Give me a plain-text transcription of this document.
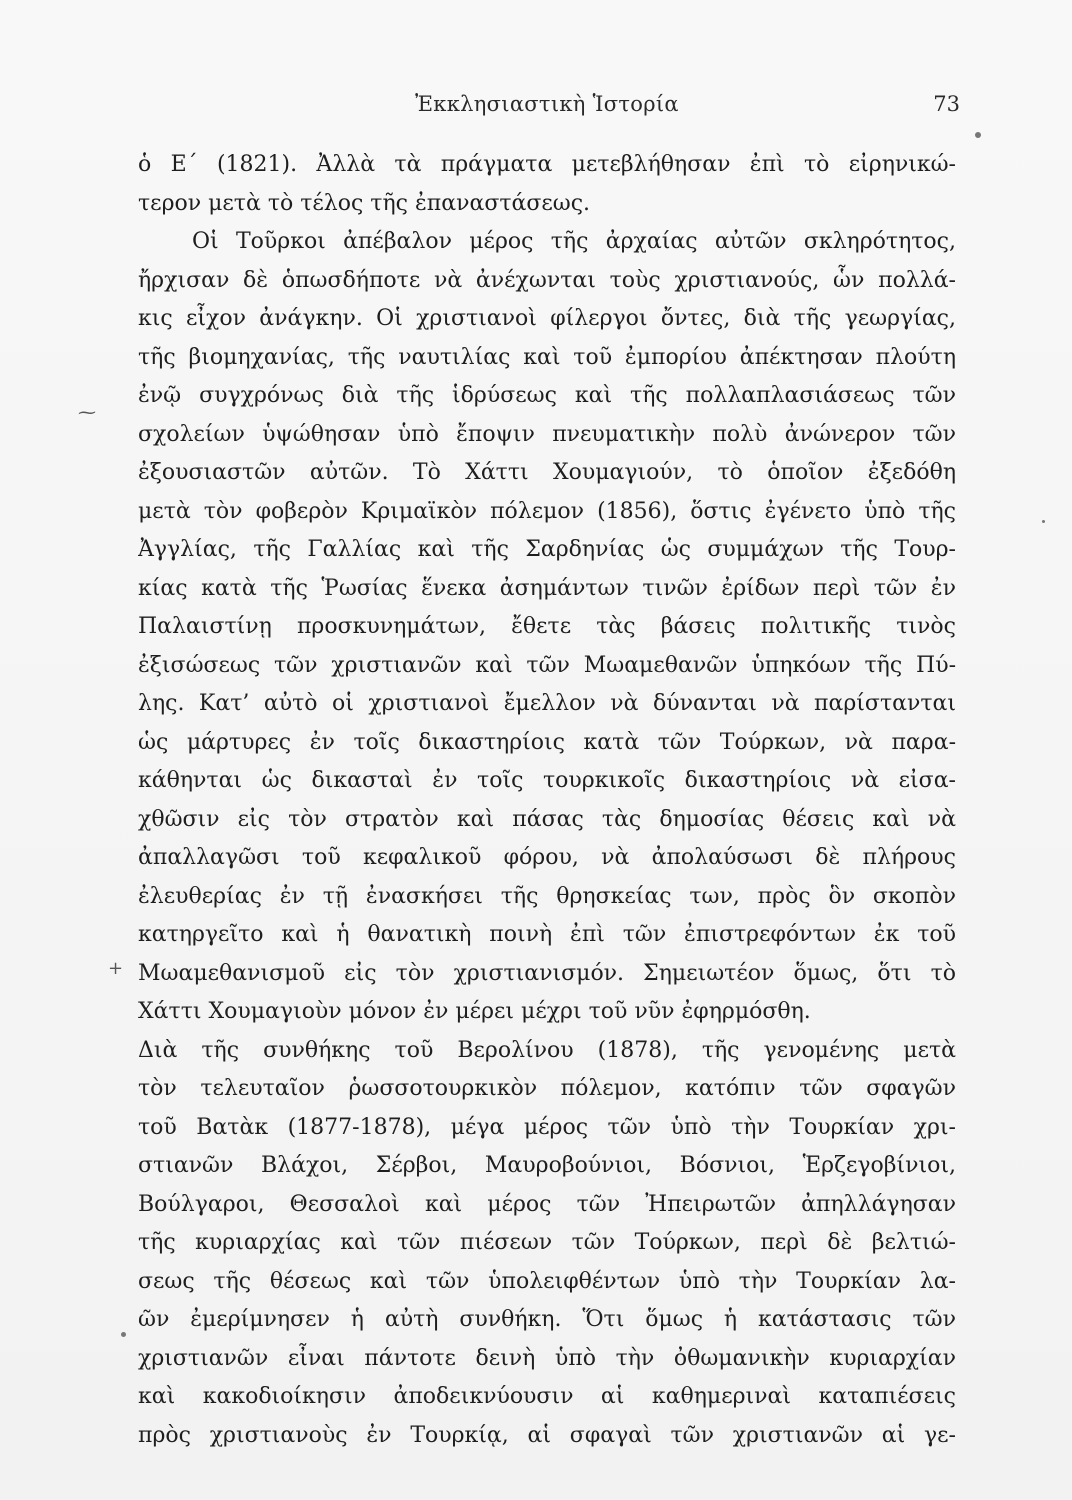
⁓
+
Ἐκκλησιαστικὴ Ἱστορία	73
ὁ Ε΄ (1821). Ἀλλὰ τὰ πράγματα μετεβλήθησαν ἐπὶ τὸ εἰρηνικώ-
τερον μετὰ τὸ τέλος τῆς ἐπαναστάσεως.
Οἱ Τοῦρκοι ἀπέβαλον μέρος τῆς ἀρχαίας αὐτῶν σκληρότητος,
ἤρχισαν δὲ ὁπωσδήποτε νὰ ἀνέχωνται τοὺς χριστιανούς, ὧν πολλά-
κις εἶχον ἀνάγκην. Οἱ χριστιανοὶ φίλεργοι ὄντες, διὰ τῆς γεωργίας,
τῆς βιομηχανίας, τῆς ναυτιλίας καὶ τοῦ ἐμπορίου ἀπέκτησαν πλούτη
ἐνῷ συγχρόνως διὰ τῆς ἱδρύσεως καὶ τῆς πολλαπλασιάσεως τῶν
σχολείων ὑψώθησαν ὑπὸ ἔποψιν πνευματικὴν πολὺ ἀνώνερον τῶν
ἐξουσιαστῶν αὐτῶν. Τὸ Χάττι Χουμαγιούν, τὸ ὁποῖον ἐξεδόθη
μετὰ τὸν φοβερὸν Κριμαϊκὸν πόλεμον (1856), ὅστις ἐγένετο ὑπὸ τῆς
Ἀγγλίας, τῆς Γαλλίας καὶ τῆς Σαρδηνίας ὡς συμμάχων τῆς Τουρ-
κίας κατὰ τῆς Ῥωσίας ἕνεκα ἀσημάντων τινῶν ἐρίδων περὶ τῶν ἐν
Παλαιστίνῃ προσκυνημάτων, ἔθετε τὰς βάσεις πολιτικῆς τινὸς
ἐξισώσεως τῶν χριστιανῶν καὶ τῶν Μωαμεθανῶν ὑπηκόων τῆς Πύ-
λης. Κατ’ αὐτὸ οἱ χριστιανοὶ ἔμελλον νὰ δύνανται νὰ παρίστανται
ὡς μάρτυρες ἐν τοῖς δικαστηρίοις κατὰ τῶν Τούρκων, νὰ παρα-
κάθηνται ὡς δικασταὶ ἐν τοῖς τουρκικοῖς δικαστηρίοις νὰ εἰσα-
χθῶσιν εἰς τὸν στρατὸν καὶ πάσας τὰς δημοσίας θέσεις καὶ νὰ
ἀπαλλαγῶσι τοῦ κεφαλικοῦ φόρου, νὰ ἀπολαύσωσι δὲ πλήρους
ἐλευθερίας ἐν τῇ ἐνασκήσει τῆς θρησκείας των, πρὸς ὃν σκοπὸν
κατηργεῖτο καὶ ἡ θανατικὴ ποινὴ ἐπὶ τῶν ἐπιστρεφόντων ἐκ τοῦ
Μωαμεθανισμοῦ εἰς τὸν χριστιανισμόν. Σημειωτέον ὅμως, ὅτι τὸ
Χάττι Χουμαγιοὺν μόνον ἐν μέρει μέχρι τοῦ νῦν ἐφηρμόσθη.
Διὰ τῆς συνθήκης τοῦ Βερολίνου (1878), τῆς γενομένης μετὰ
τὸν τελευταῖον ῥωσσοτουρκικὸν πόλεμον, κατόπιν τῶν σφαγῶν
τοῦ Βατὰκ (1877-1878), μέγα μέρος τῶν ὑπὸ τὴν Τουρκίαν χρι-
στιανῶν Βλάχοι, Σέρβοι, Μαυροβούνιοι, Βόσνιοι, Ἑρζεγοβίνιοι,
Βούλγαροι, Θεσσαλοὶ καὶ μέρος τῶν Ἠπειρωτῶν ἀπηλλάγησαν
τῆς κυριαρχίας καὶ τῶν πιέσεων τῶν Τούρκων, περὶ δὲ βελτιώ-
σεως τῆς θέσεως καὶ τῶν ὑπολειφθέντων ὑπὸ τὴν Τουρκίαν λα-
ῶν ἐμερίμνησεν ἡ αὐτὴ συνθήκη. Ὅτι ὅμως ἡ κατάστασις τῶν
χριστιανῶν εἶναι πάντοτε δεινὴ ὑπὸ τὴν ὀθωμανικὴν κυριαρχίαν
καὶ κακοδιοίκησιν ἀποδεικνύουσιν αἱ καθημεριναὶ καταπιέσεις
πρὸς χριστιανοὺς ἐν Τουρκίᾳ, αἱ σφαγαὶ τῶν χριστιανῶν αἱ γε-
